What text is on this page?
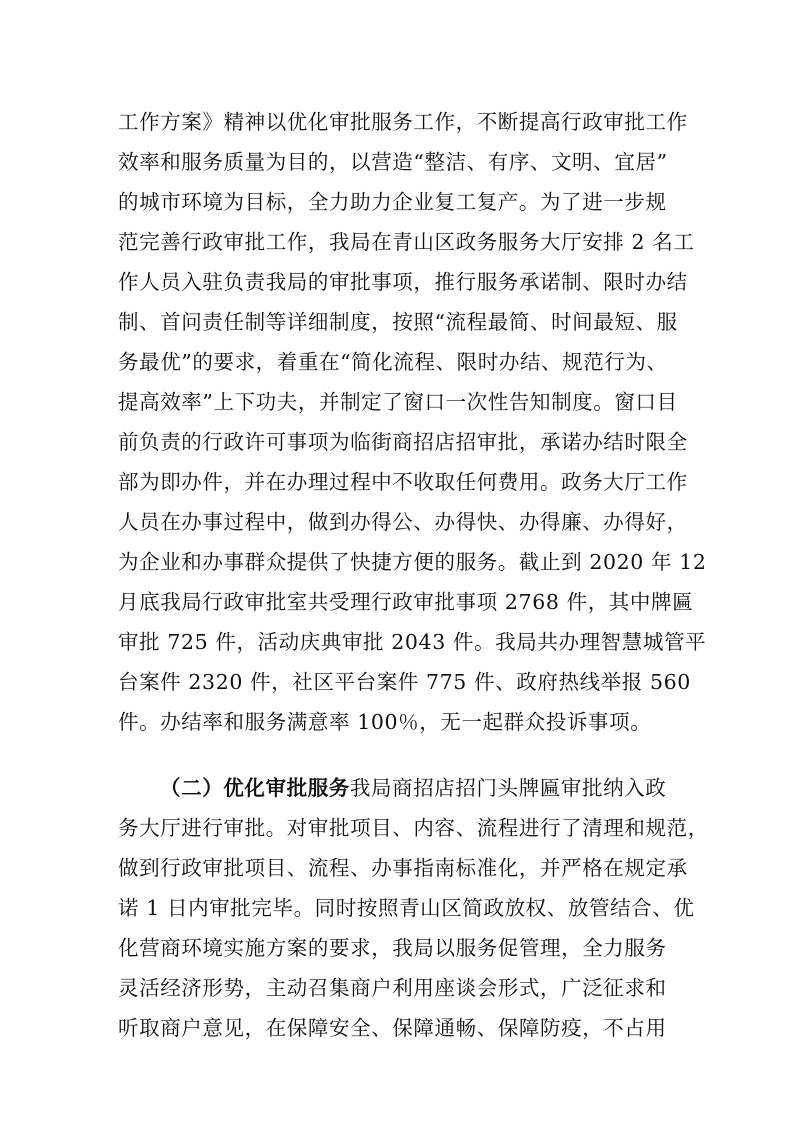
工作方案》精神以优化审批服务工作，不断提高行政审批工作
效率和服务质量为目的，以营造“整洁、有序、文明、宜居”
的城市环境为目标，全力助力企业复工复产。为了进一步规
范完善行政审批工作，我局在青山区政务服务大厅安排 2 名工
作人员入驻负责我局的审批事项，推行服务承诺制、限时办结
制、首问责任制等详细制度，按照“流程最简、时间最短、服
务最优”的要求，着重在“简化流程、限时办结、规范行为、
提高效率”上下功夫，并制定了窗口一次性告知制度。窗口目
前负责的行政许可事项为临街商招店招审批，承诺办结时限全
部为即办件，并在办理过程中不收取任何费用。政务大厅工作
人员在办事过程中，做到办得公、办得快、办得廉、办得好，
为企业和办事群众提供了快捷方便的服务。截止到 2020 年 12
月底我局行政审批室共受理行政审批事项 2768 件，其中牌匾
审批 725 件，活动庆典审批 2043 件。我局共办理智慧城管平
台案件 2320 件，社区平台案件 775 件、政府热线举报 560
件。办结率和服务满意率 100％，无一起群众投诉事项。
（二）优化审批服务我局商招店招门头牌匾审批纳入政
务大厅进行审批。对审批项目、内容、流程进行了清理和规范，
做到行政审批项目、流程、办事指南标准化，并严格在规定承
诺 1 日内审批完毕。同时按照青山区简政放权、放管结合、优
化营商环境实施方案的要求，我局以服务促管理，全力服务
灵活经济形势，主动召集商户利用座谈会形式，广泛征求和
听取商户意见，在保障安全、保障通畅、保障防疫，不占用
